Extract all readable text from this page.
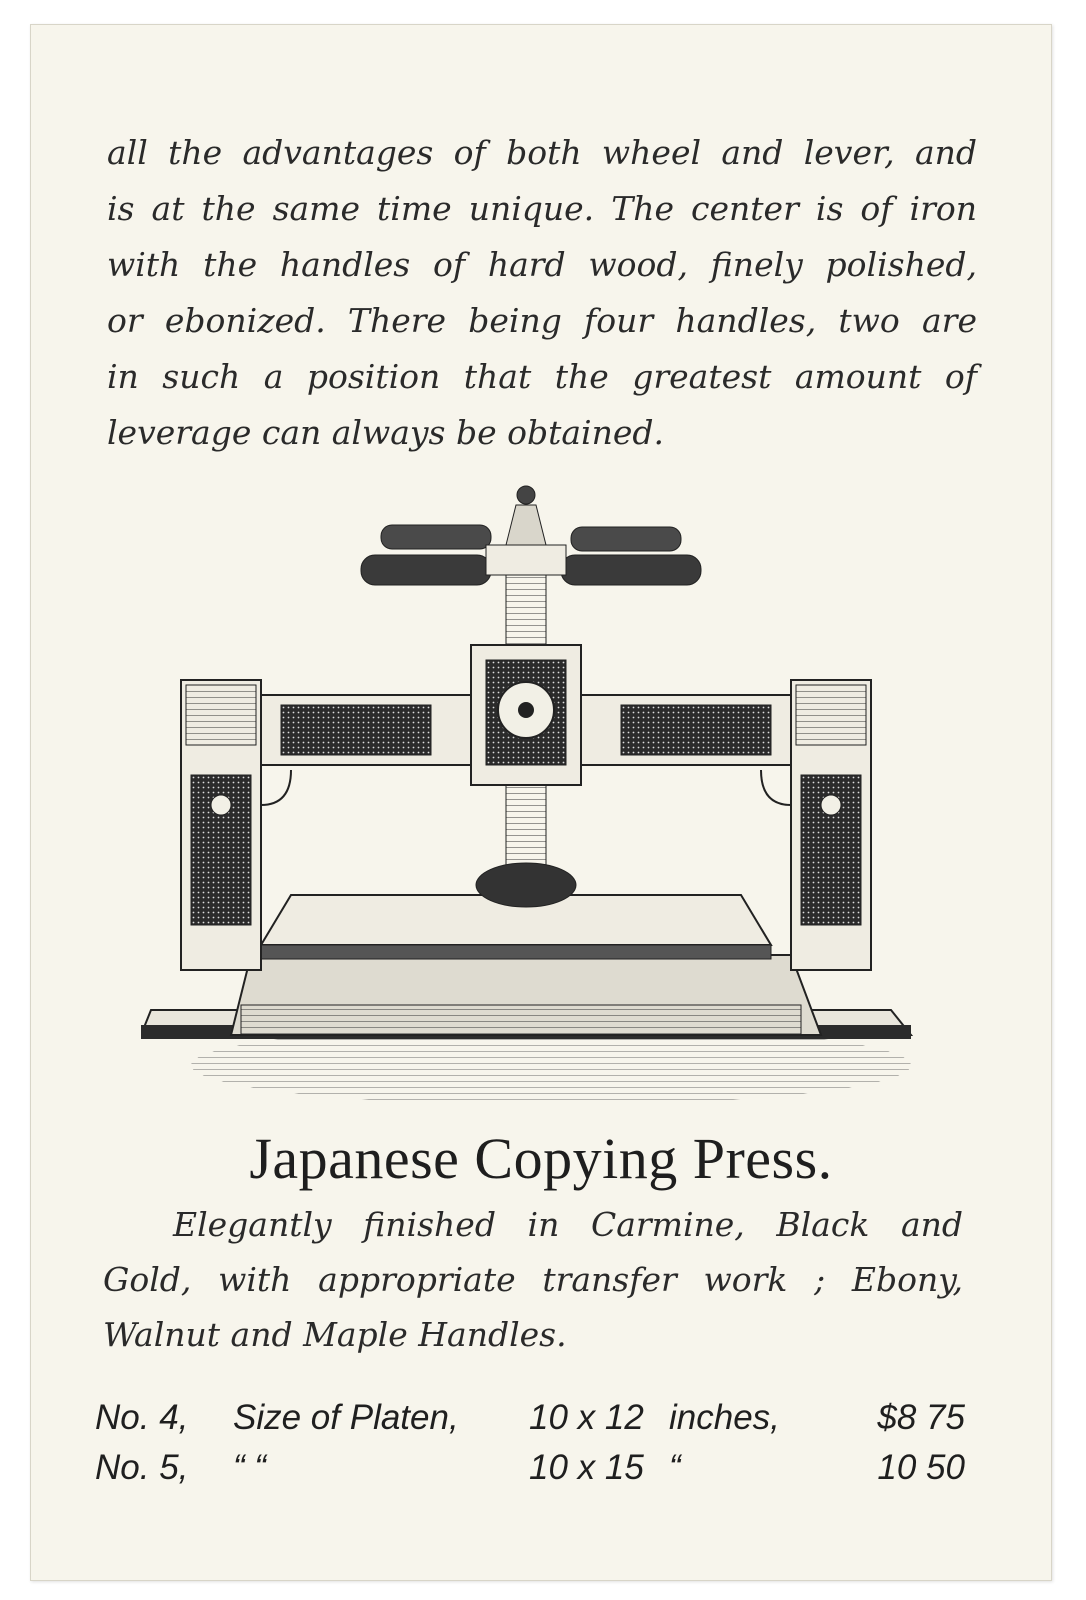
all the advantages of both wheel and lever, and
is at the same time unique. The center is of iron
with the handles of hard wood, finely polished,
or ebonized. There being four handles, two are
in such a position that the greatest amount of
leverage can always be obtained.
Japanese Copying Press.
Elegantly finished in Carmine, Black and
Gold, with appropriate transfer work ; Ebony,
Walnut and Maple Handles.
No. 4, Size of Platen, 10 x 12 inches,	$8 75
No. 5, “ “	10 x 15 “	10 50
